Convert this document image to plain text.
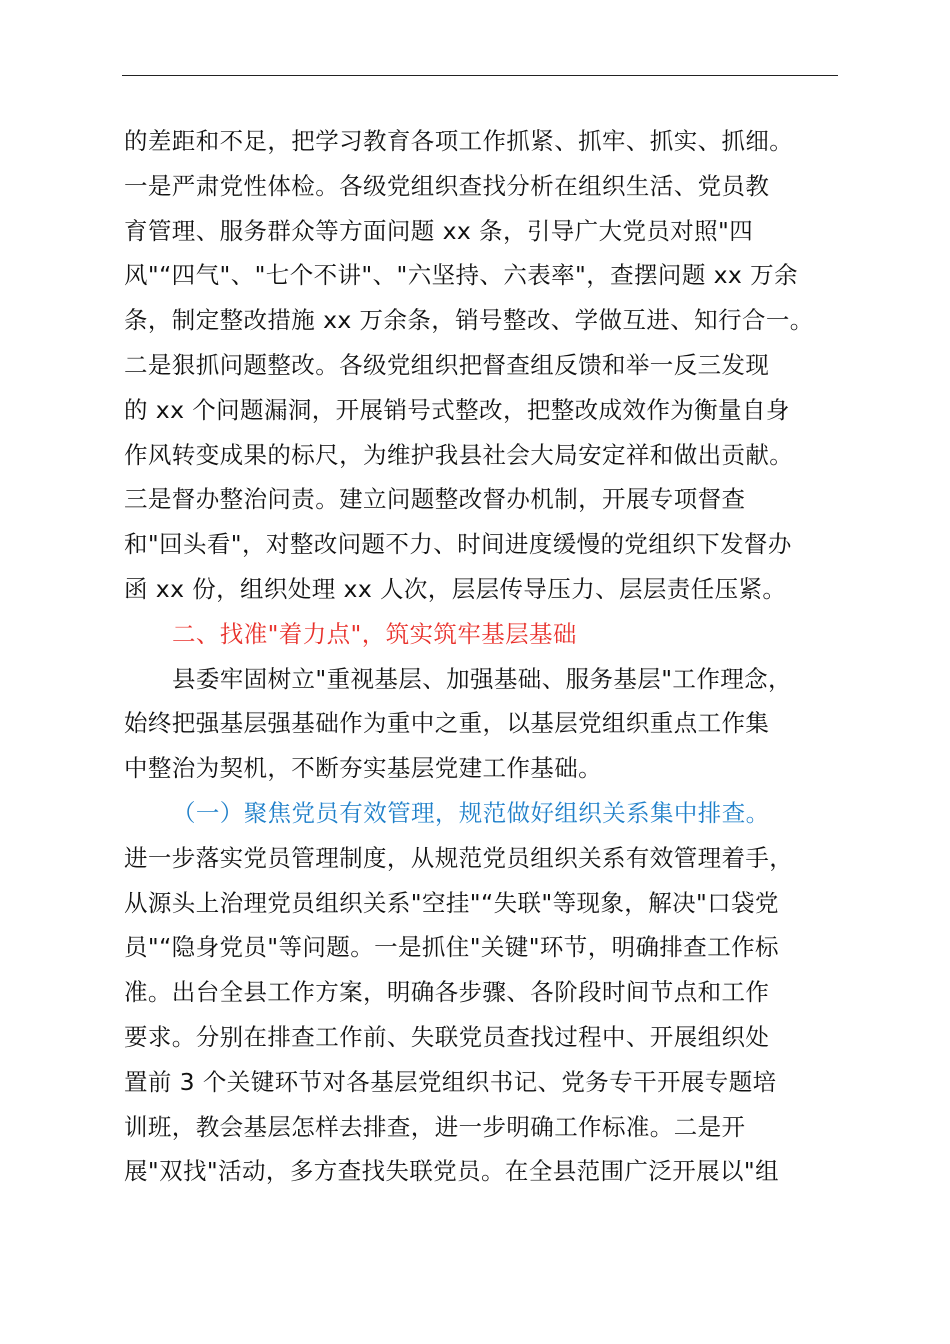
的差距和不足，把学习教育各项工作抓紧、抓牢、抓实、抓细。
一是严肃党性体检。各级党组织查找分析在组织生活、党员教
育管理、服务群众等方面问题 xx 条，引导广大党员对照"四
风"“四气"、"七个不讲"、"六坚持、六表率"，查摆问题 xx 万余
条，制定整改措施 xx 万余条，销号整改、学做互进、知行合一。
二是狠抓问题整改。各级党组织把督查组反馈和举一反三发现
的 xx 个问题漏洞，开展销号式整改，把整改成效作为衡量自身
作风转变成果的标尺，为维护我县社会大局安定祥和做出贡献。
三是督办整治问责。建立问题整改督办机制，开展专项督查
和"回头看"，对整改问题不力、时间进度缓慢的党组织下发督办
函 xx 份，组织处理 xx 人次，层层传导压力、层层责任压紧。
二、找准"着力点"，筑实筑牢基层基础
县委牢固树立"重视基层、加强基础、服务基层"工作理念，
始终把强基层强基础作为重中之重，以基层党组织重点工作集
中整治为契机，不断夯实基层党建工作基础。
（一）聚焦党员有效管理，规范做好组织关系集中排查。
进一步落实党员管理制度，从规范党员组织关系有效管理着手，
从源头上治理党员组织关系"空挂"“失联"等现象，解决"口袋党
员"“隐身党员"等问题。一是抓住"关键"环节，明确排查工作标
准。出台全县工作方案，明确各步骤、各阶段时间节点和工作
要求。分别在排查工作前、失联党员查找过程中、开展组织处
置前 3 个关键环节对各基层党组织书记、党务专干开展专题培
训班，教会基层怎样去排查，进一步明确工作标准。二是开
展"双找"活动，多方查找失联党员。在全县范围广泛开展以"组
